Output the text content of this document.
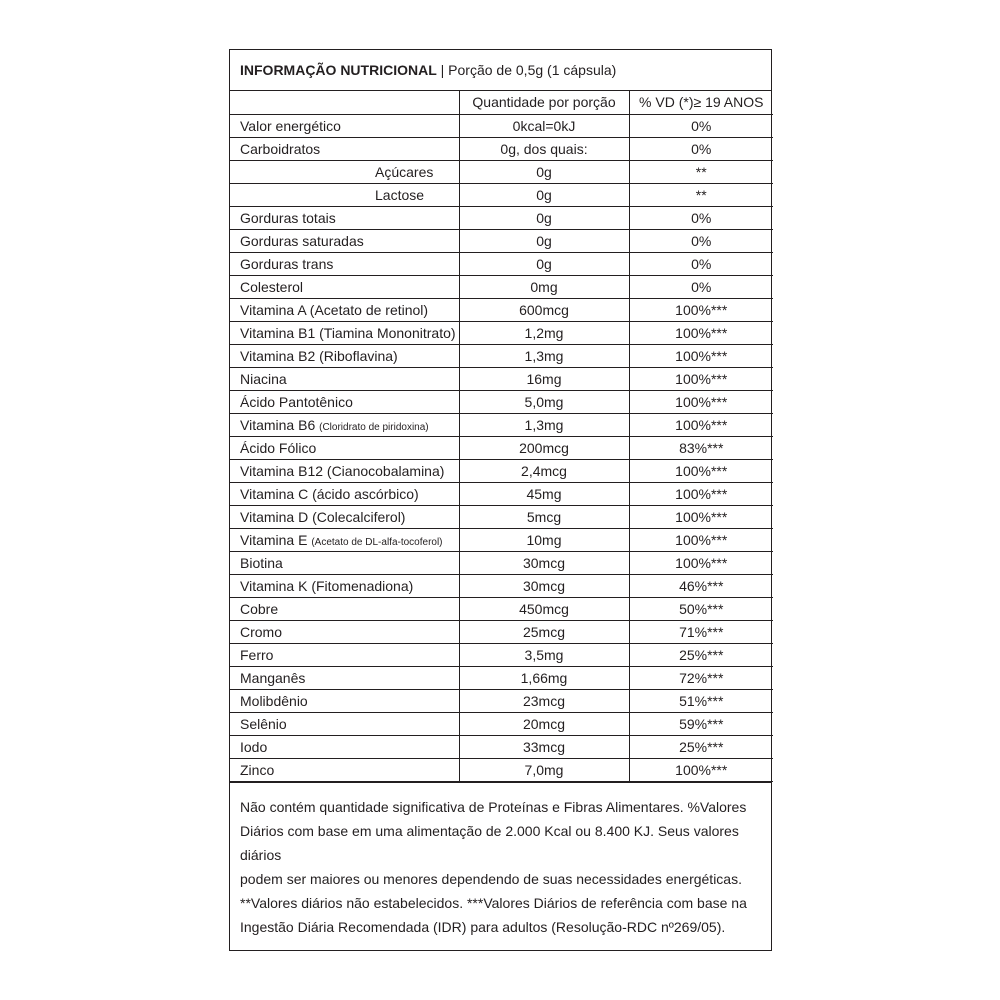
INFORMAÇÃO NUTRICIONAL | Porção de 0,5g (1 cápsula)
	Quantidade por porção	% VD (*)≥ 19 ANOS
Valor energético	0kcal=0kJ	0%
Carboidratos	0g, dos quais:	0%
Açúcares	0g	**
Lactose	0g	**
Gorduras totais	0g	0%
Gorduras saturadas	0g	0%
Gorduras trans	0g	0%
Colesterol	0mg	0%
Vitamina A (Acetato de retinol)	600mcg	100%***
Vitamina B1 (Tiamina Mononitrato)	1,2mg	100%***
Vitamina B2 (Riboflavina)	1,3mg	100%***
Niacina	16mg	100%***
Ácido Pantotênico	5,0mg	100%***
Vitamina B6 (Cloridrato de piridoxina)	1,3mg	100%***
Ácido Fólico	200mcg	83%***
Vitamina B12 (Cianocobalamina)	2,4mcg	100%***
Vitamina C (ácido ascórbico)	45mg	100%***
Vitamina D (Colecalciferol)	5mcg	100%***
Vitamina E (Acetato de DL-alfa-tocoferol)	10mg	100%***
Biotina	30mcg	100%***
Vitamina K (Fitomenadiona)	30mcg	46%***
Cobre	450mcg	50%***
Cromo	25mcg	71%***
Ferro	3,5mg	25%***
Manganês	1,66mg	72%***
Molibdênio	23mcg	51%***
Selênio	20mcg	59%***
Iodo	33mcg	25%***
Zinco	7,0mg	100%***

Não contém quantidade significativa de Proteínas e Fibras Alimentares. %Valores

Diários com base em uma alimentação de 2.000 Kcal ou 8.400 KJ. Seus valores diários

podem ser maiores ou menores dependendo de suas necessidades energéticas.

**Valores diários não estabelecidos. ***Valores Diários de referência com base na

Ingestão Diária Recomendada (IDR) para adultos (Resolução-RDC nº269/05).
